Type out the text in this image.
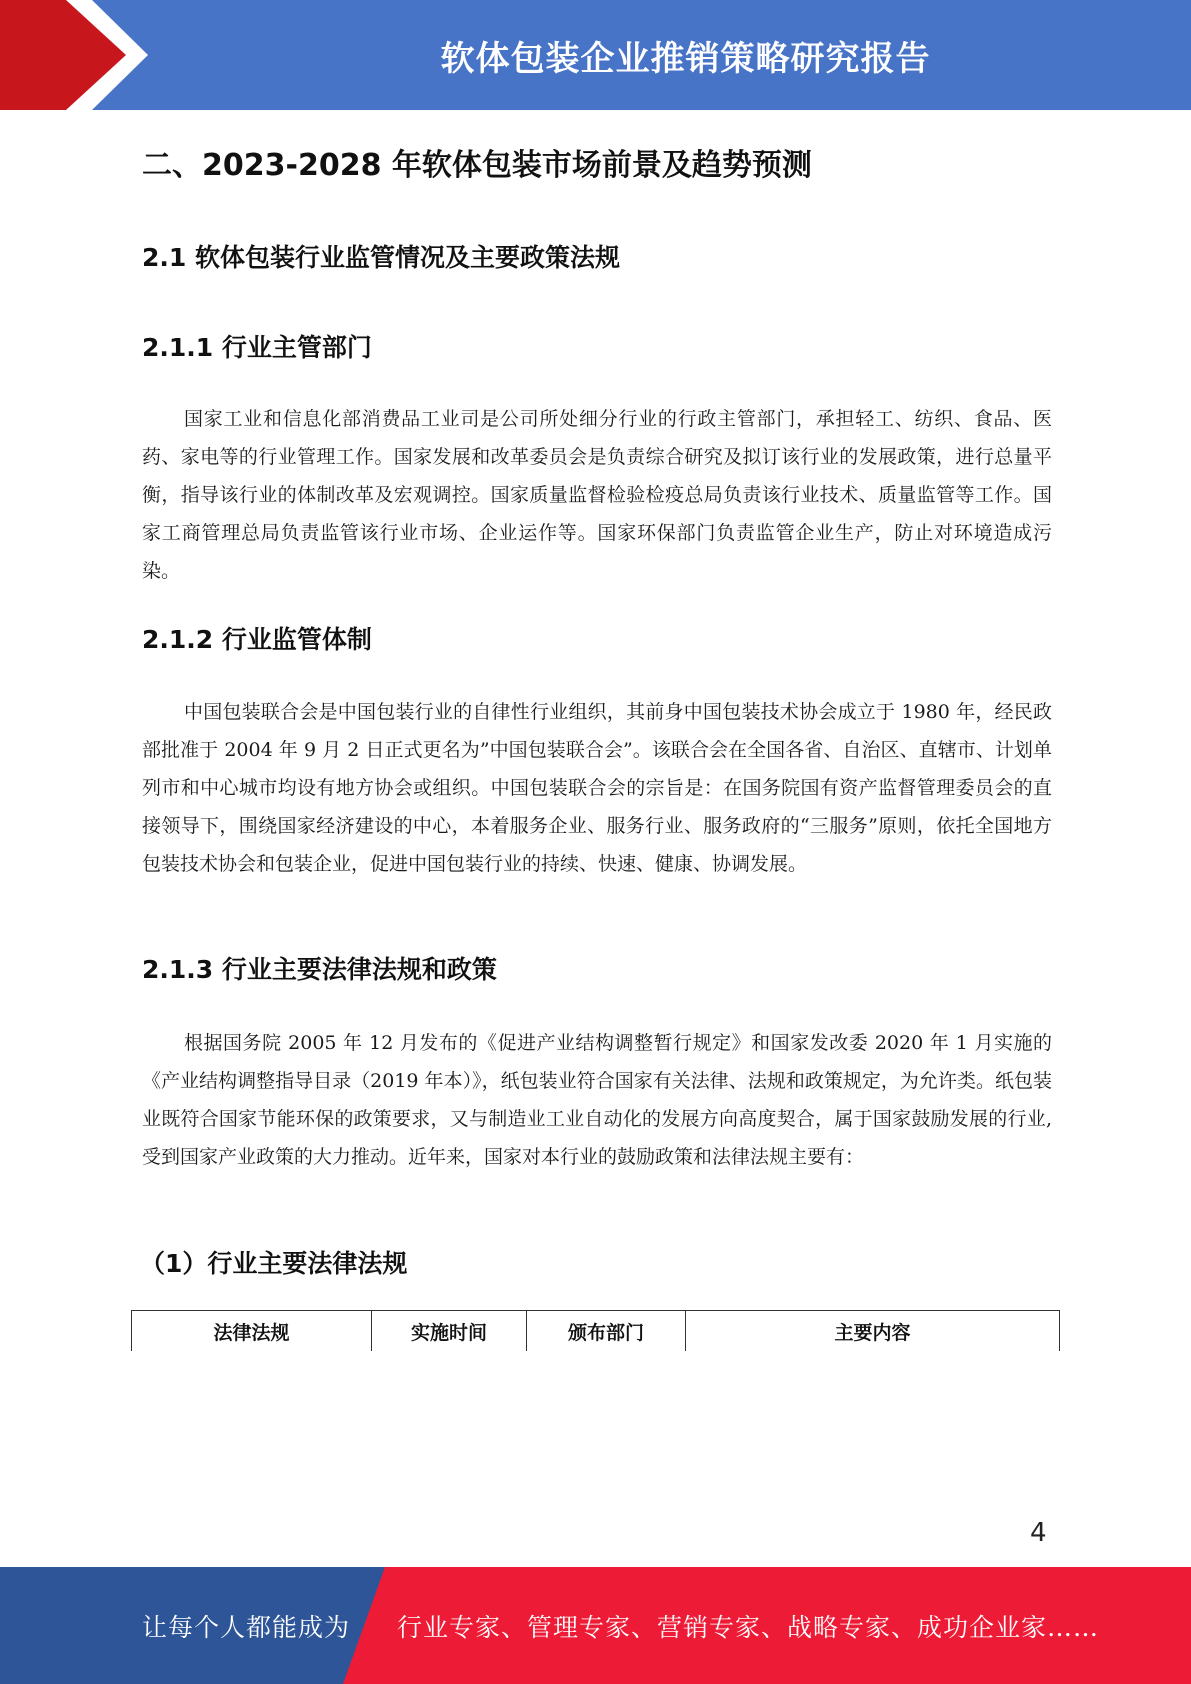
软体包装企业推销策略研究报告
二、2023-2028 年软体包装市场前景及趋势预测
2.1 软体包装行业监管情况及主要政策法规
2.1.1 行业主管部门

国家工业和信息化部消费品工业司是公司所处细分行业的行政主管部门，承担轻工、纺织、食品、医药、家电等的行业管理工作。国家发展和改革委员会是负责综合研究及拟订该行业的发展政策，进行总量平衡，指导该行业的体制改革及宏观调控。国家质量监督检验检疫总局负责该行业技术、质量监管等工作。国家工商管理总局负责监管该行业市场、企业运作等。国家环保部门负责监管企业生产，防止对环境造成污染。

2.1.2 行业监管体制

中国包装联合会是中国包装行业的自律性行业组织，其前身中国包装技术协会成立于 1980 年，经民政部批准于 2004 年 9 月 2 日正式更名为”中国包装联合会”。该联合会在全国各省、自治区、直辖市、计划单列市和中心城市均设有地方协会或组织。中国包装联合会的宗旨是：在国务院国有资产监督管理委员会的直接领导下，围绕国家经济建设的中心，本着服务企业、服务行业、服务政府的“三服务”原则，依托全国地方包装技术协会和包装企业，促进中国包装行业的持续、快速、健康、协调发展。

2.1.3 行业主要法律法规和政策

根据国务院 2005 年 12 月发布的《促进产业结构调整暂行规定》和国家发改委 2020 年 1 月实施的《产业结构调整指导目录（2019 年本）》，纸包装业符合国家有关法律、法规和政策规定，为允许类。纸包装业既符合国家节能环保的政策要求，又与制造业工业自动化的发展方向高度契合，属于国家鼓励发展的行业,受到国家产业政策的大力推动。近年来，国家对本行业的鼓励政策和法律法规主要有：

（1）行业主要法律法规
法律法规	实施时间	颁布部门	主要内容
4
让每个人都能成为 行业专家、管理专家、营销专家、战略专家、成功企业家……
